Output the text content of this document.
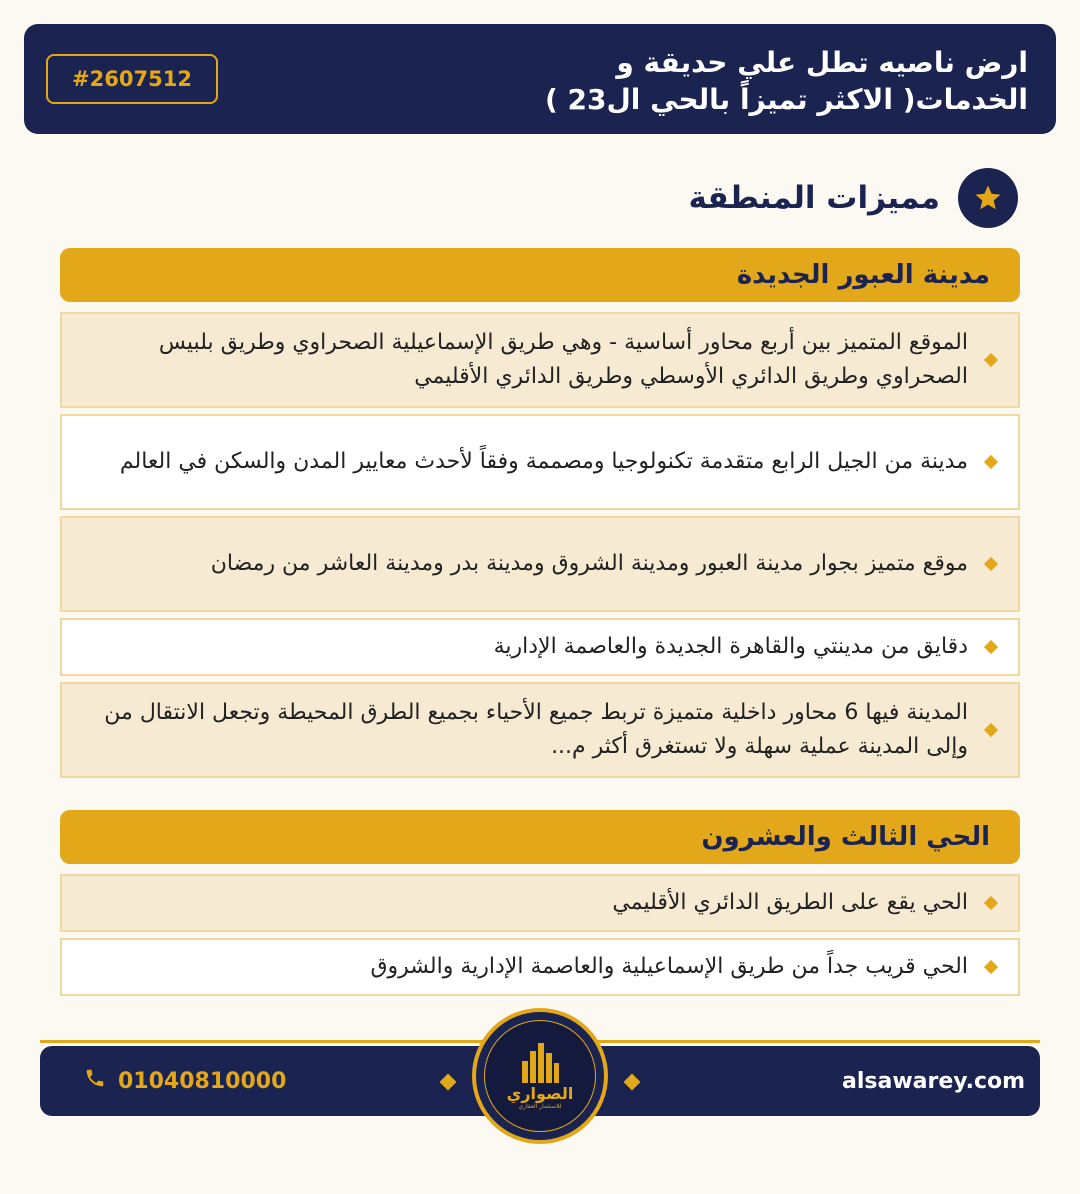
ارض ناصيه تطل علي حديقة و
الخدمات( الاكثر تميزاً بالحي ال23 )
#2607512
مميزات المنطقة
مدينة العبور الجديدة
الموقع المتميز بين أربع محاور أساسية - وهي طريق الإسماعيلية الصحراوي وطريق بلبيس الصحراوي وطريق الدائري الأوسطي وطريق الدائري الأقليمي
مدينة من الجيل الرابع متقدمة تكنولوجيا ومصممة وفقاً لأحدث معايير المدن والسكن في العالم
موقع متميز بجوار مدينة العبور ومدينة الشروق ومدينة بدر ومدينة العاشر من رمضان
دقايق من مدينتي والقاهرة الجديدة والعاصمة الإدارية
المدينة فيها 6 محاور داخلية متميزة تربط جميع الأحياء بجميع الطرق المحيطة وتجعل الانتقال من وإلى المدينة عملية سهلة ولا تستغرق أكثر م...
الحي الثالث والعشرون
الحي يقع على الطريق الدائري الأقليمي
الحي قريب جداً من طريق الإسماعيلية والعاصمة الإدارية والشروق
alsawarey.com
01040810000	الصواري
للاستثمار العقاري
